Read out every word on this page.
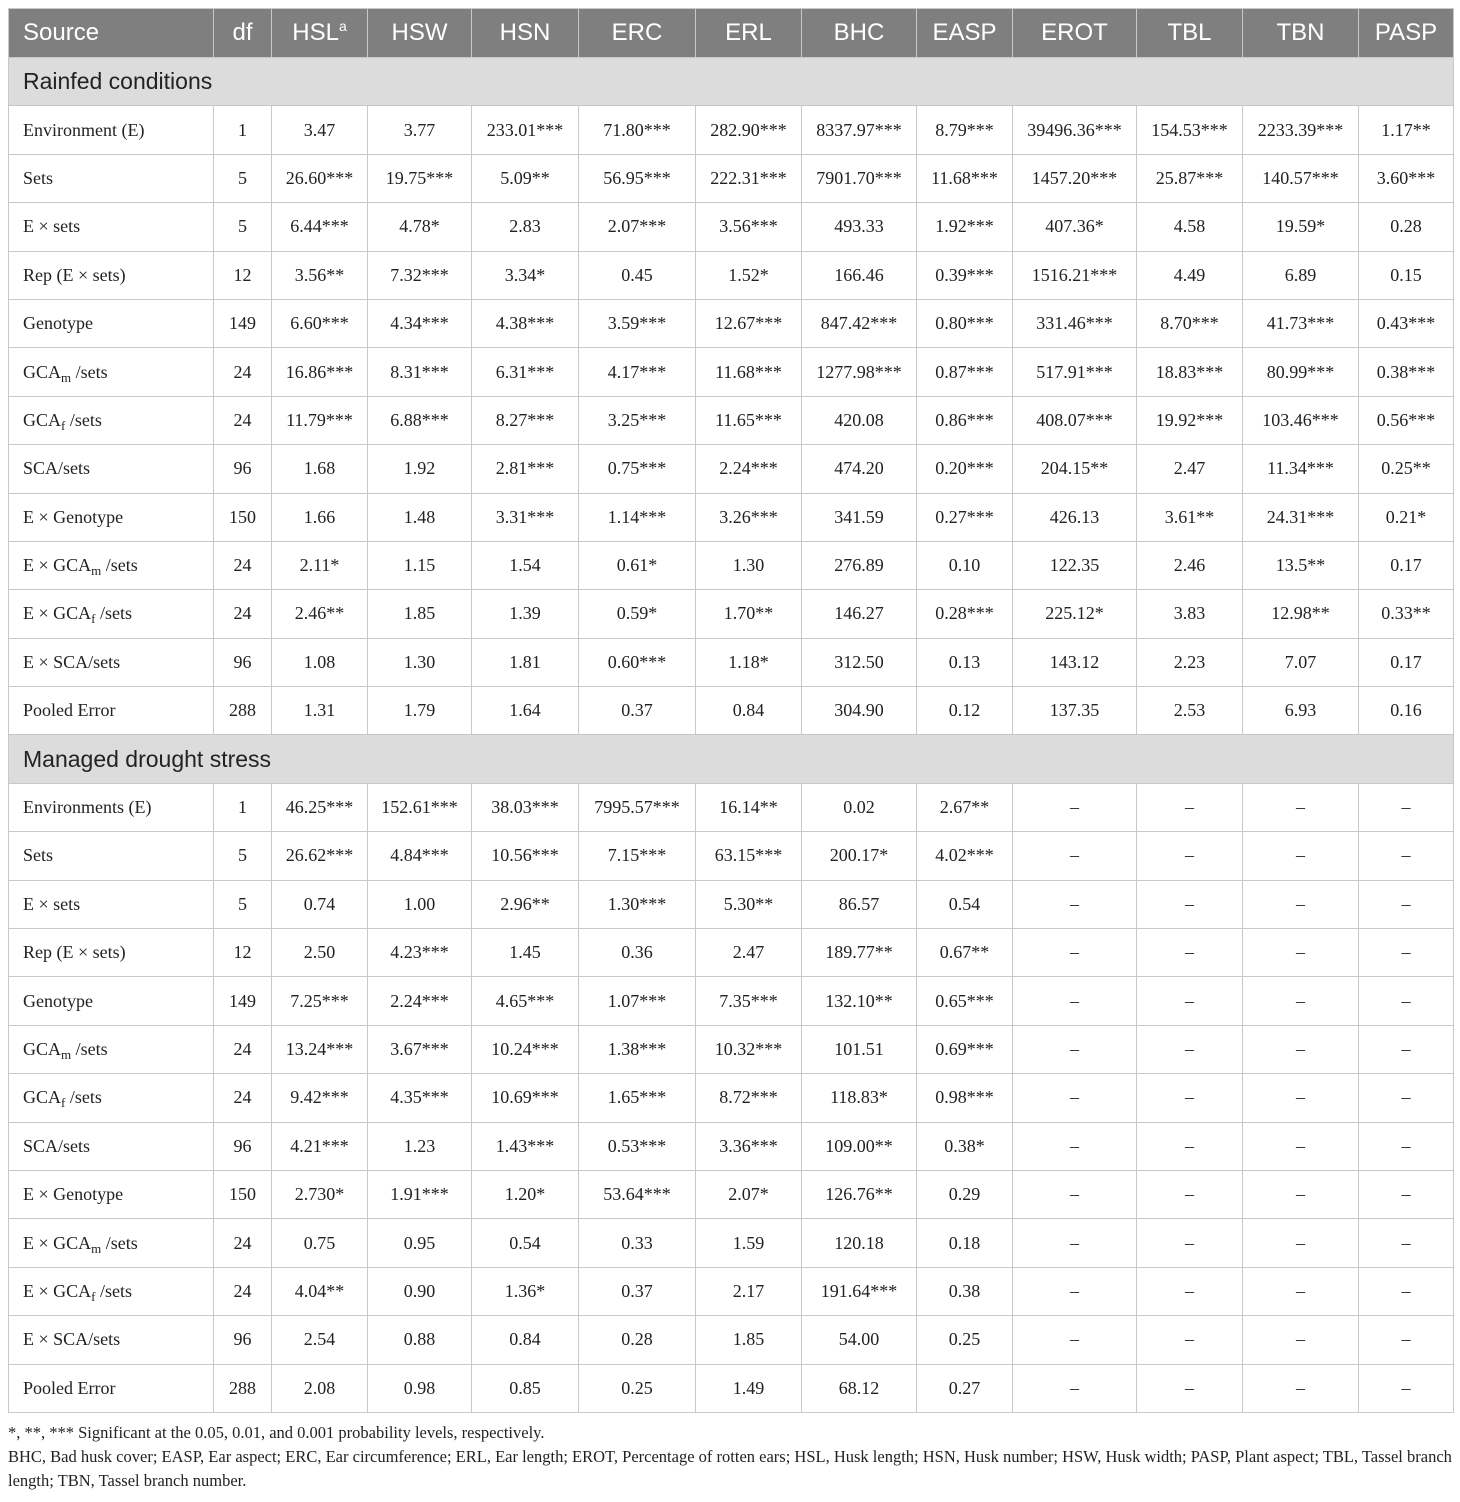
Source	df	HSL$^a$	HSW	HSN	ERC	ERL	BHC	EASP	EROT	TBL	TBN	PASP
Rainfed conditions												
Environment (E)	1	3.47	3.77	233.01***	71.80***	282.90***	8337.97***	8.79***	39496.36***	154.53***	2233.39***	1.17**
Sets	5	26.60***	19.75***	5.09**	56.95***	222.31***	7901.70***	11.68***	1457.20***	25.87***	140.57***	3.60***
E × sets	5	6.44***	4.78*	2.83	2.07***	3.56***	493.33	1.92***	407.36*	4.58	19.59*	0.28
Rep (E × sets)	12	3.56**	7.32***	3.34*	0.45	1.52*	166.46	0.39***	1516.21***	4.49	6.89	0.15
Genotype	149	6.60***	4.34***	4.38***	3.59***	12.67***	847.42***	0.80***	331.46***	8.70***	41.73***	0.43***
$GCA_m$ /sets	24	16.86***	8.31***	6.31***	4.17***	11.68***	1277.98***	0.87***	517.91***	18.83***	80.99***	0.38***
$GCA_f$ /sets	24	11.79***	6.88***	8.27***	3.25***	11.65***	420.08	0.86***	408.07***	19.92***	103.46***	0.56***
SCA/sets	96	1.68	1.92	2.81***	0.75***	2.24***	474.20	0.20***	204.15**	2.47	11.34***	0.25**
E × Genotype	150	1.66	1.48	3.31***	1.14***	3.26***	341.59	0.27***	426.13	3.61**	24.31***	0.21*
$E \times GCA_m$ /sets	24	2.11*	1.15	1.54	0.61*	1.30	276.89	0.10	122.35	2.46	13.5**	0.17
$E \times GCA_f$ /sets	24	2.46**	1.85	1.39	0.59*	1.70**	146.27	0.28***	225.12*	3.83	12.98**	0.33**
E × SCA/sets	96	1.08	1.30	1.81	0.60***	1.18*	312.50	0.13	143.12	2.23	7.07	0.17
Pooled Error	288	1.31	1.79	1.64	0.37	0.84	304.90	0.12	137.35	2.53	6.93	0.16
Managed drought stress												
Environments (E)	1	46.25***	152.61***	38.03***	7995.57***	16.14**	0.02	2.67**	–	–	–	–
Sets	5	26.62***	4.84***	10.56***	7.15***	63.15***	200.17*	4.02***	–	–	–	–
E × sets	5	0.74	1.00	2.96**	1.30***	5.30**	86.57	0.54	–	–	–	–
Rep (E × sets)	12	2.50	4.23***	1.45	0.36	2.47	189.77**	0.67**	–	–	–	–
Genotype	149	7.25***	2.24***	4.65***	1.07***	7.35***	132.10**	0.65***	–	–	–	–
$GCA_m$ /sets	24	13.24***	3.67***	10.24***	1.38***	10.32***	101.51	0.69***	–	–	–	–
$GCA_f$ /sets	24	9.42***	4.35***	10.69***	1.65***	8.72***	118.83*	0.98***	–	–	–	–
SCA/sets	96	4.21***	1.23	1.43***	0.53***	3.36***	109.00**	0.38*	–	–	–	–
E × Genotype	150	2.730*	1.91***	1.20*	53.64***	2.07*	126.76**	0.29	–	–	–	–
$E \times GCA_m$ /sets	24	0.75	0.95	0.54	0.33	1.59	120.18	0.18	–	–	–	–
$E \times GCA_f$ /sets	24	4.04**	0.90	1.36*	0.37	2.17	191.64***	0.38	–	–	–	–
E × SCA/sets	96	2.54	0.88	0.84	0.28	1.85	54.00	0.25	–	–	–	–
Pooled Error	288	2.08	0.98	0.85	0.25	1.49	68.12	0.27	–	–	–	–
*, **, *** Significant at the 0.05, 0.01, and 0.001 probability levels, respectively.
BHC, Bad husk cover; EASP, Ear aspect; ERC, Ear circumference; ERL, Ear length; EROT, Percentage of rotten ears; HSL, Husk length; HSN, Husk number; HSW, Husk width; PASP, Plant aspect; TBL, Tassel branch length; TBN, Tassel branch number.
